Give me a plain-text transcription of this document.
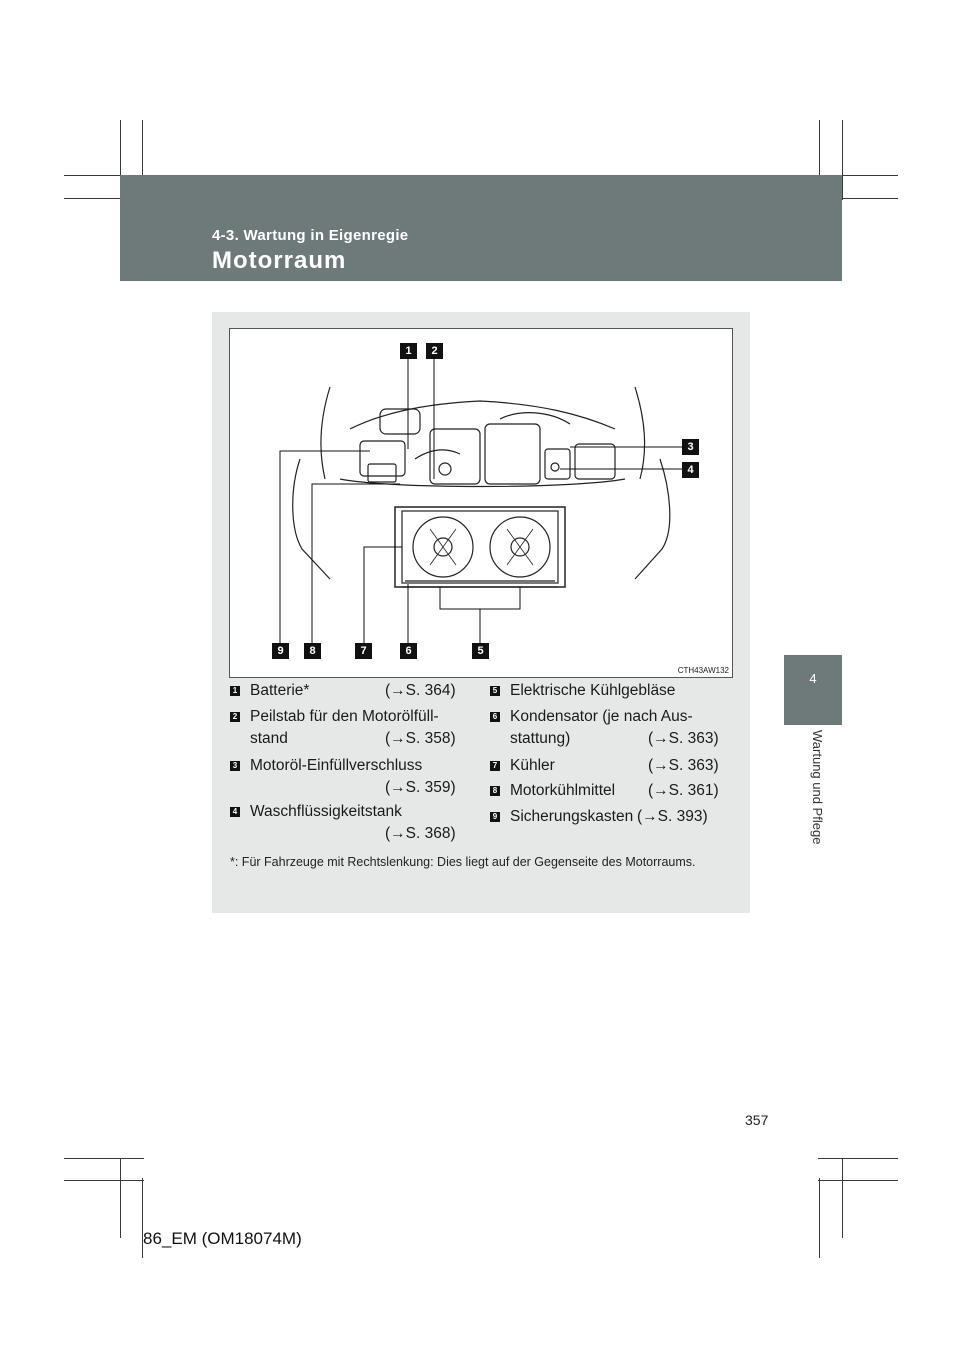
4-3. Wartung in Eigenregie
Motorraum
4
Wartung und Pflege
1	2
3
4
9	8	7	6	5
CTH43AW132
1 Batterie*	(→S. 364)
2 Peilstab für den Motorölfüll-
stand	(→S. 358)
3 Motoröl-Einfüllverschluss
(→S. 359)
4 Waschflüssigkeitstank
(→S. 368)
5 Elektrische Kühlgebläse
6 Kondensator (je nach Aus-
stattung)	(→S. 363)
7 Kühler	(→S. 363)
8 Motorkühlmittel (→S. 361)
9 Sicherungskasten (→S. 393)
*: Für Fahrzeuge mit Rechtslenkung: Dies liegt auf der Gegenseite des Motorraums.
357
86_EM (OM18074M)
